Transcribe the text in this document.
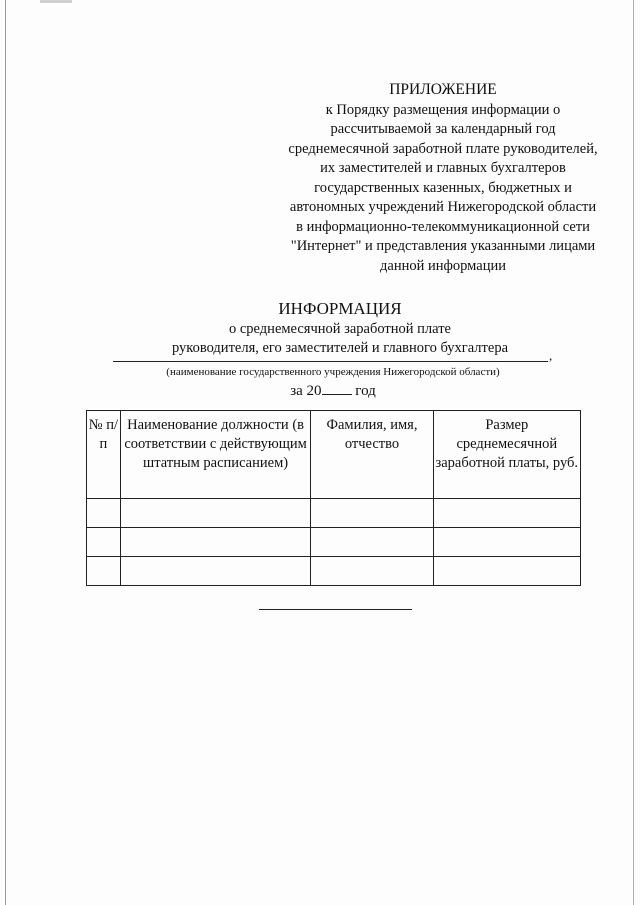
ПРИЛОЖЕНИЕ
к Порядку размещения информации о
рассчитываемой за календарный год
среднемесячной заработной плате руководителей,
их заместителей и главных бухгалтеров
государственных казенных, бюджетных и
автономных учреждений Нижегородской области
в информационно-телекоммуникационной сети
"Интернет" и представления указанными лицами
данной информации
ИНФОРМАЦИЯ
о среднемесячной заработной плате
руководителя, его заместителей и главного бухгалтера	,
(наименование государственного учреждения Нижегородской области)
за 20 год
№ п/п	Наименование должности (в соответствии с действующим штатным расписанием)	Фамилия, имя, отчество	Размер среднемесячной заработной платы, руб.
